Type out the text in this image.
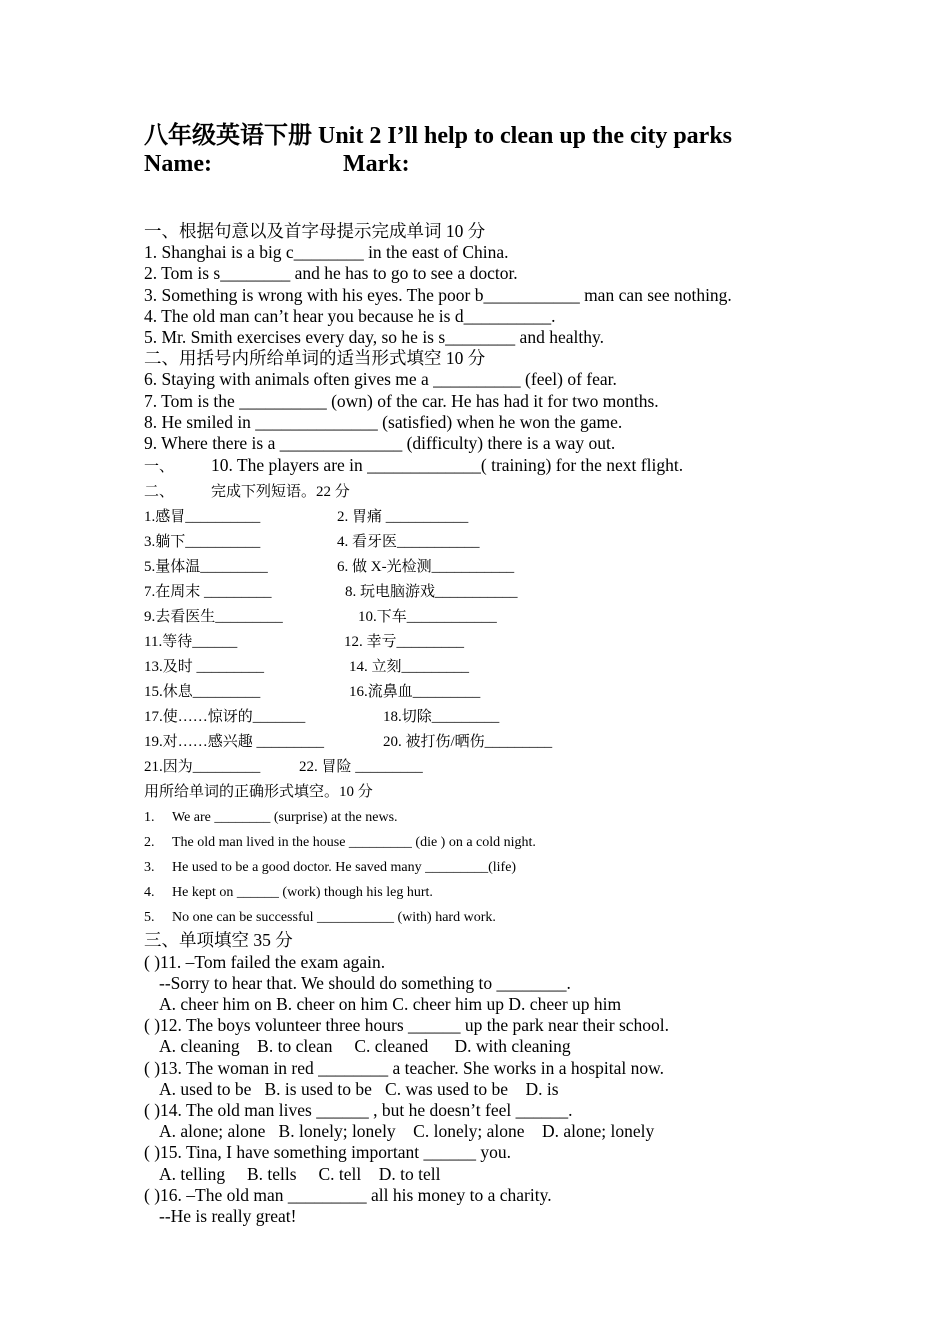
八年级英语下册 Unit 2 I’ll help to clean up the city parks
Name:	Mark:
一、根据句意以及首字母提示完成单词 10 分
1. Shanghai is a big c________ in the east of China.
2. Tom is s________ and he has to go to see a doctor.
3. Something is wrong with his eyes. The poor b___________ man can see nothing.
4. The old man can’t hear you because he is d__________.
5. Mr. Smith exercises every day, so he is s________ and healthy.
二、用括号内所给单词的适当形式填空 10 分
6. Staying with animals often gives me a __________ (feel) of fear.
7. Tom is the __________ (own) of the car. He has had it for two months.
8. He smiled in ______________ (satisfied) when he won the game.
9. Where there is a ______________ (difficulty) there is a way out.
一、 10. The players are in _____________( training) for the next flight.
二、 完成下列短语。22 分
1.感冒__________	2. 胃痛 ___________
3.躺下__________	4. 看牙医___________
5.量体温_________	6. 做 X-光检测___________
7.在周末 _________	8. 玩电脑游戏___________
9.去看医生_________	10.下车____________
11.等待______	12. 幸亏_________
13.及时 _________	14. 立刻_________
15.休息_________	16.流鼻血_________
17.使……惊讶的_______	18.切除_________
19.对……感兴趣 _________	20. 被打伤/晒伤_________
21.因为_________	22. 冒险 _________
用所给单词的正确形式填空。10 分
1. We are ________ (surprise) at the news.
2. The old man lived in the house _________ (die ) on a cold night.
3. He used to be a good doctor. He saved many _________(life)
4. He kept on ______ (work) though his leg hurt.
5. No one can be successful ___________ (with) hard work.
三、单项填空 35 分
( )11. –Tom failed the exam again.
--Sorry to hear that. We should do something to ________.
A. cheer him on B. cheer on him C. cheer him up D. cheer up him
( )12. The boys volunteer three hours ______ up the park near their school.
A. cleaning    B. to clean     C. cleaned      D. with cleaning
( )13. The woman in red ________ a teacher. She works in a hospital now.
A. used to be   B. is used to be   C. was used to be    D. is
( )14. The old man lives ______ , but he doesn’t feel ______.
A. alone; alone   B. lonely; lonely    C. lonely; alone    D. alone; lonely
( )15. Tina, I have something important ______ you.
A. telling     B. tells     C. tell    D. to tell
( )16. –The old man _________ all his money to a charity.
--He is really great!
